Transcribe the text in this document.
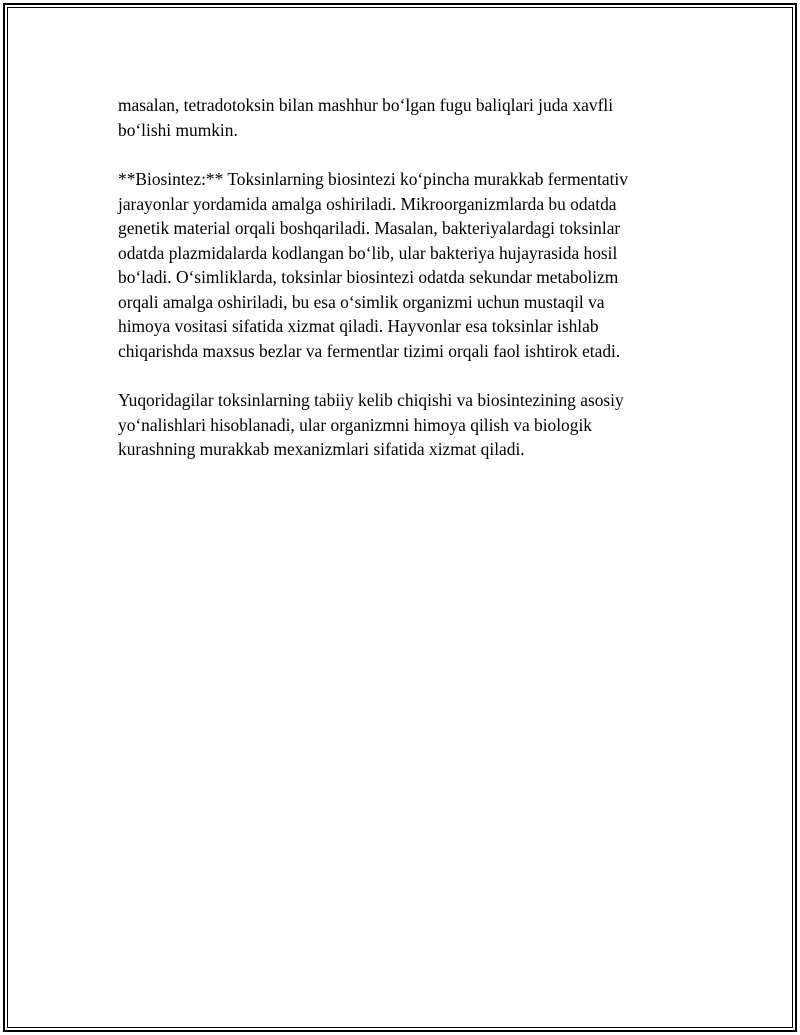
masalan, tetradotoksin bilan mashhur bo‘lgan fugu baliqlari juda xavfli
bo‘lishi mumkin.

**Biosintez:** Toksinlarning biosintezi ko‘pincha murakkab fermentativ
jarayonlar yordamida amalga oshiriladi. Mikroorganizmlarda bu odatda
genetik material orqali boshqariladi. Masalan, bakteriyalardagi toksinlar
odatda plazmidalarda kodlangan bo‘lib, ular bakteriya hujayrasida hosil
bo‘ladi. O‘simliklarda, toksinlar biosintezi odatda sekundar metabolizm
orqali amalga oshiriladi, bu esa o‘simlik organizmi uchun mustaqil va
himoya vositasi sifatida xizmat qiladi. Hayvonlar esa toksinlar ishlab
chiqarishda maxsus bezlar va fermentlar tizimi orqali faol ishtirok etadi.

Yuqoridagilar toksinlarning tabiiy kelib chiqishi va biosintezining asosiy
yo‘nalishlari hisoblanadi, ular organizmni himoya qilish va biologik
kurashning murakkab mexanizmlari sifatida xizmat qiladi.
